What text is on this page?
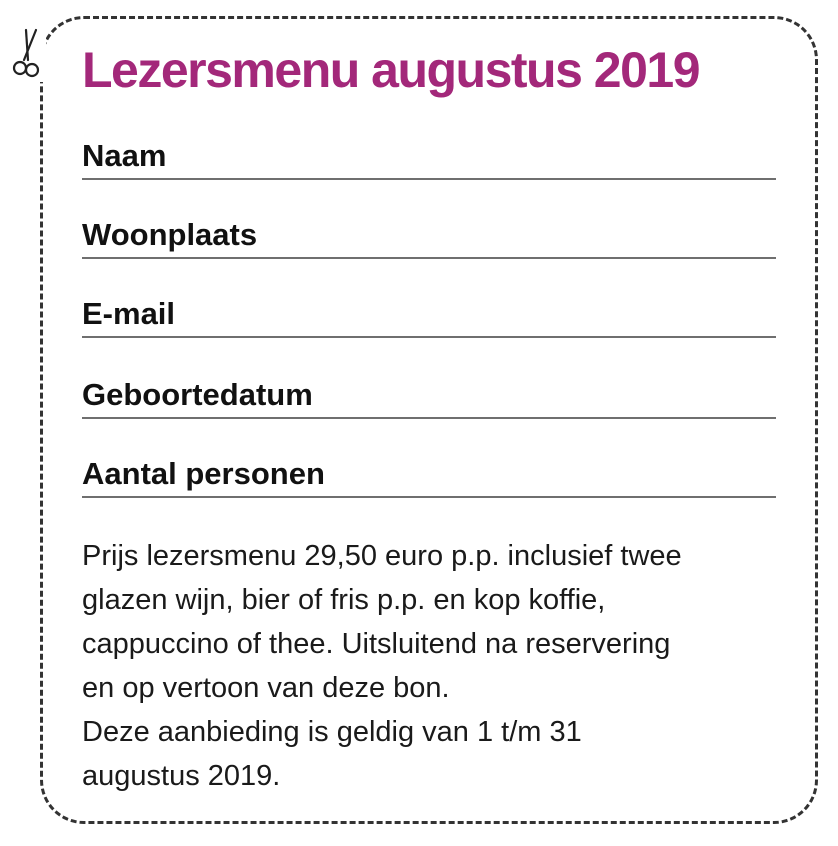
Lezersmenu augustus 2019
Naam
Woonplaats
E-mail
Geboortedatum
Aantal personen

Prijs lezersmenu 29,50 euro p.p. inclusief twee
glazen wijn, bier of fris p.p. en kop koffie,
cappuccino of thee. Uitsluitend na reservering
en op vertoon van deze bon.
Deze aanbieding is geldig van 1 t/m 31
augustus 2019.
